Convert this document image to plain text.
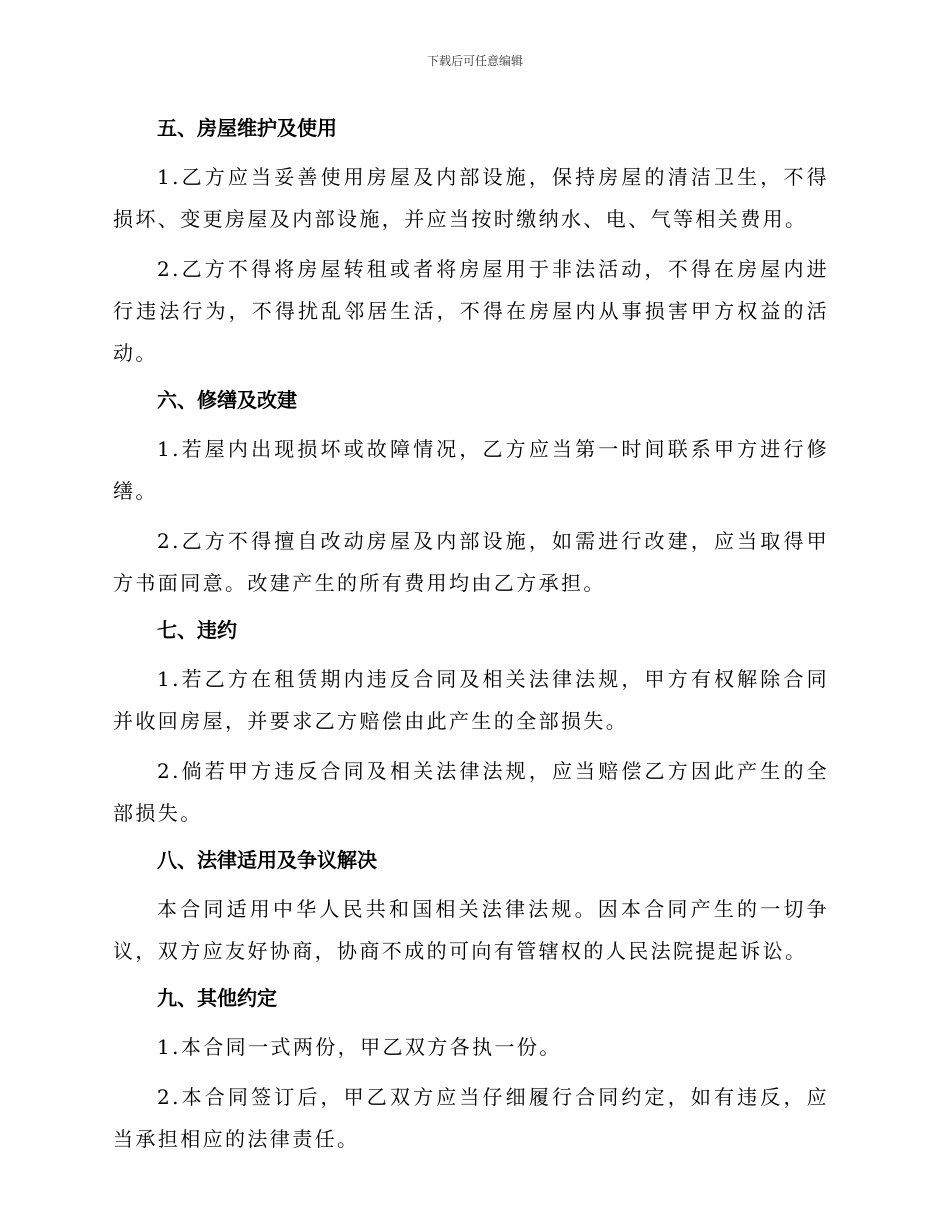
下载后可任意编辑
五、房屋维护及使用

1.乙方应当妥善使用房屋及内部设施，保持房屋的清洁卫生，不得损坏、变更房屋及内部设施，并应当按时缴纳水、电、气等相关费用。

2.乙方不得将房屋转租或者将房屋用于非法活动，不得在房屋内进行违法行为，不得扰乱邻居生活，不得在房屋内从事损害甲方权益的活动。

六、修缮及改建

1.若屋内出现损坏或故障情况，乙方应当第一时间联系甲方进行修缮。

2.乙方不得擅自改动房屋及内部设施，如需进行改建，应当取得甲方书面同意。改建产生的所有费用均由乙方承担。

七、违约

1.若乙方在租赁期内违反合同及相关法律法规，甲方有权解除合同并收回房屋，并要求乙方赔偿由此产生的全部损失。

2.倘若甲方违反合同及相关法律法规，应当赔偿乙方因此产生的全部损失。

八、法律适用及争议解决

本合同适用中华人民共和国相关法律法规。因本合同产生的一切争议，双方应友好协商，协商不成的可向有管辖权的人民法院提起诉讼。

九、其他约定

1.本合同一式两份，甲乙双方各执一份。

2.本合同签订后，甲乙双方应当仔细履行合同约定，如有违反，应当承担相应的法律责任。
